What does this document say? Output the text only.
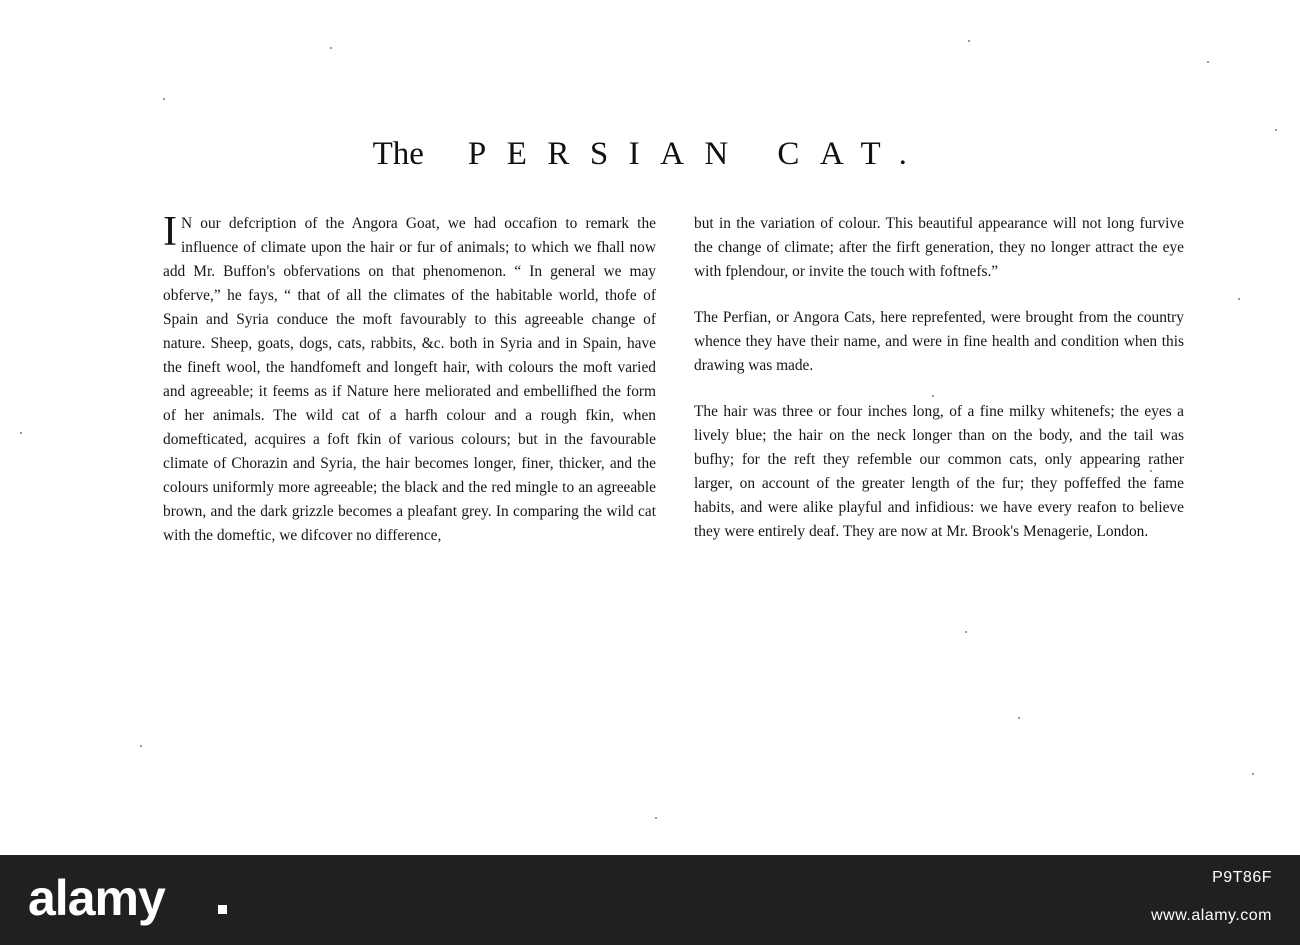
The PERSIAN CAT.

I N our defcription of the Angora Goat, we had occafion to remark the influence of climate upon the hair or fur of animals; to which we fhall now add Mr. Buffon's obfervations on that phenomenon. “ In general we may obferve,” he fays, “ that of all the climates of the habitable world, thofe of Spain and Syria conduce the moft favourably to this agreeable change of nature. Sheep, goats, dogs, cats, rabbits, &c. both in Syria and in Spain, have the fineft wool, the handfomeft and longeft hair, with colours the moft varied and agreeable; it feems as if Nature here meliorated and embellifhed the form of her animals. The wild cat of a harfh colour and a rough fkin, when domefticated, acquires a foft fkin of various colours; but in the favourable climate of Chorazin and Syria, the hair becomes longer, finer, thicker, and the colours uniformly more agreeable; the black and the red mingle to an agreeable brown, and the dark grizzle becomes a pleafant grey. In comparing the wild cat with the domeftic, we difcover no difference,

but in the variation of colour. This beautiful appearance will not long furvive the change of climate; after the firft generation, they no longer attract the eye with fplendour, or invite the touch with foftnefs.”

The Perfian, or Angora Cats, here reprefented, were brought from the country whence they have their name, and were in fine health and condition when this drawing was made.

The hair was three or four inches long, of a fine milky whitenefs; the eyes a lively blue; the hair on the neck longer than on the body, and the tail was bufhy; for the reft they refemble our common cats, only appearing rather larger, on account of the greater length of the fur; they poffeffed the fame habits, and were alike playful and infidious: we have every reafon to believe they were entirely deaf. They are now at Mr. Brook's Menagerie, London.

alamy	P9T86F
www.alamy.com
